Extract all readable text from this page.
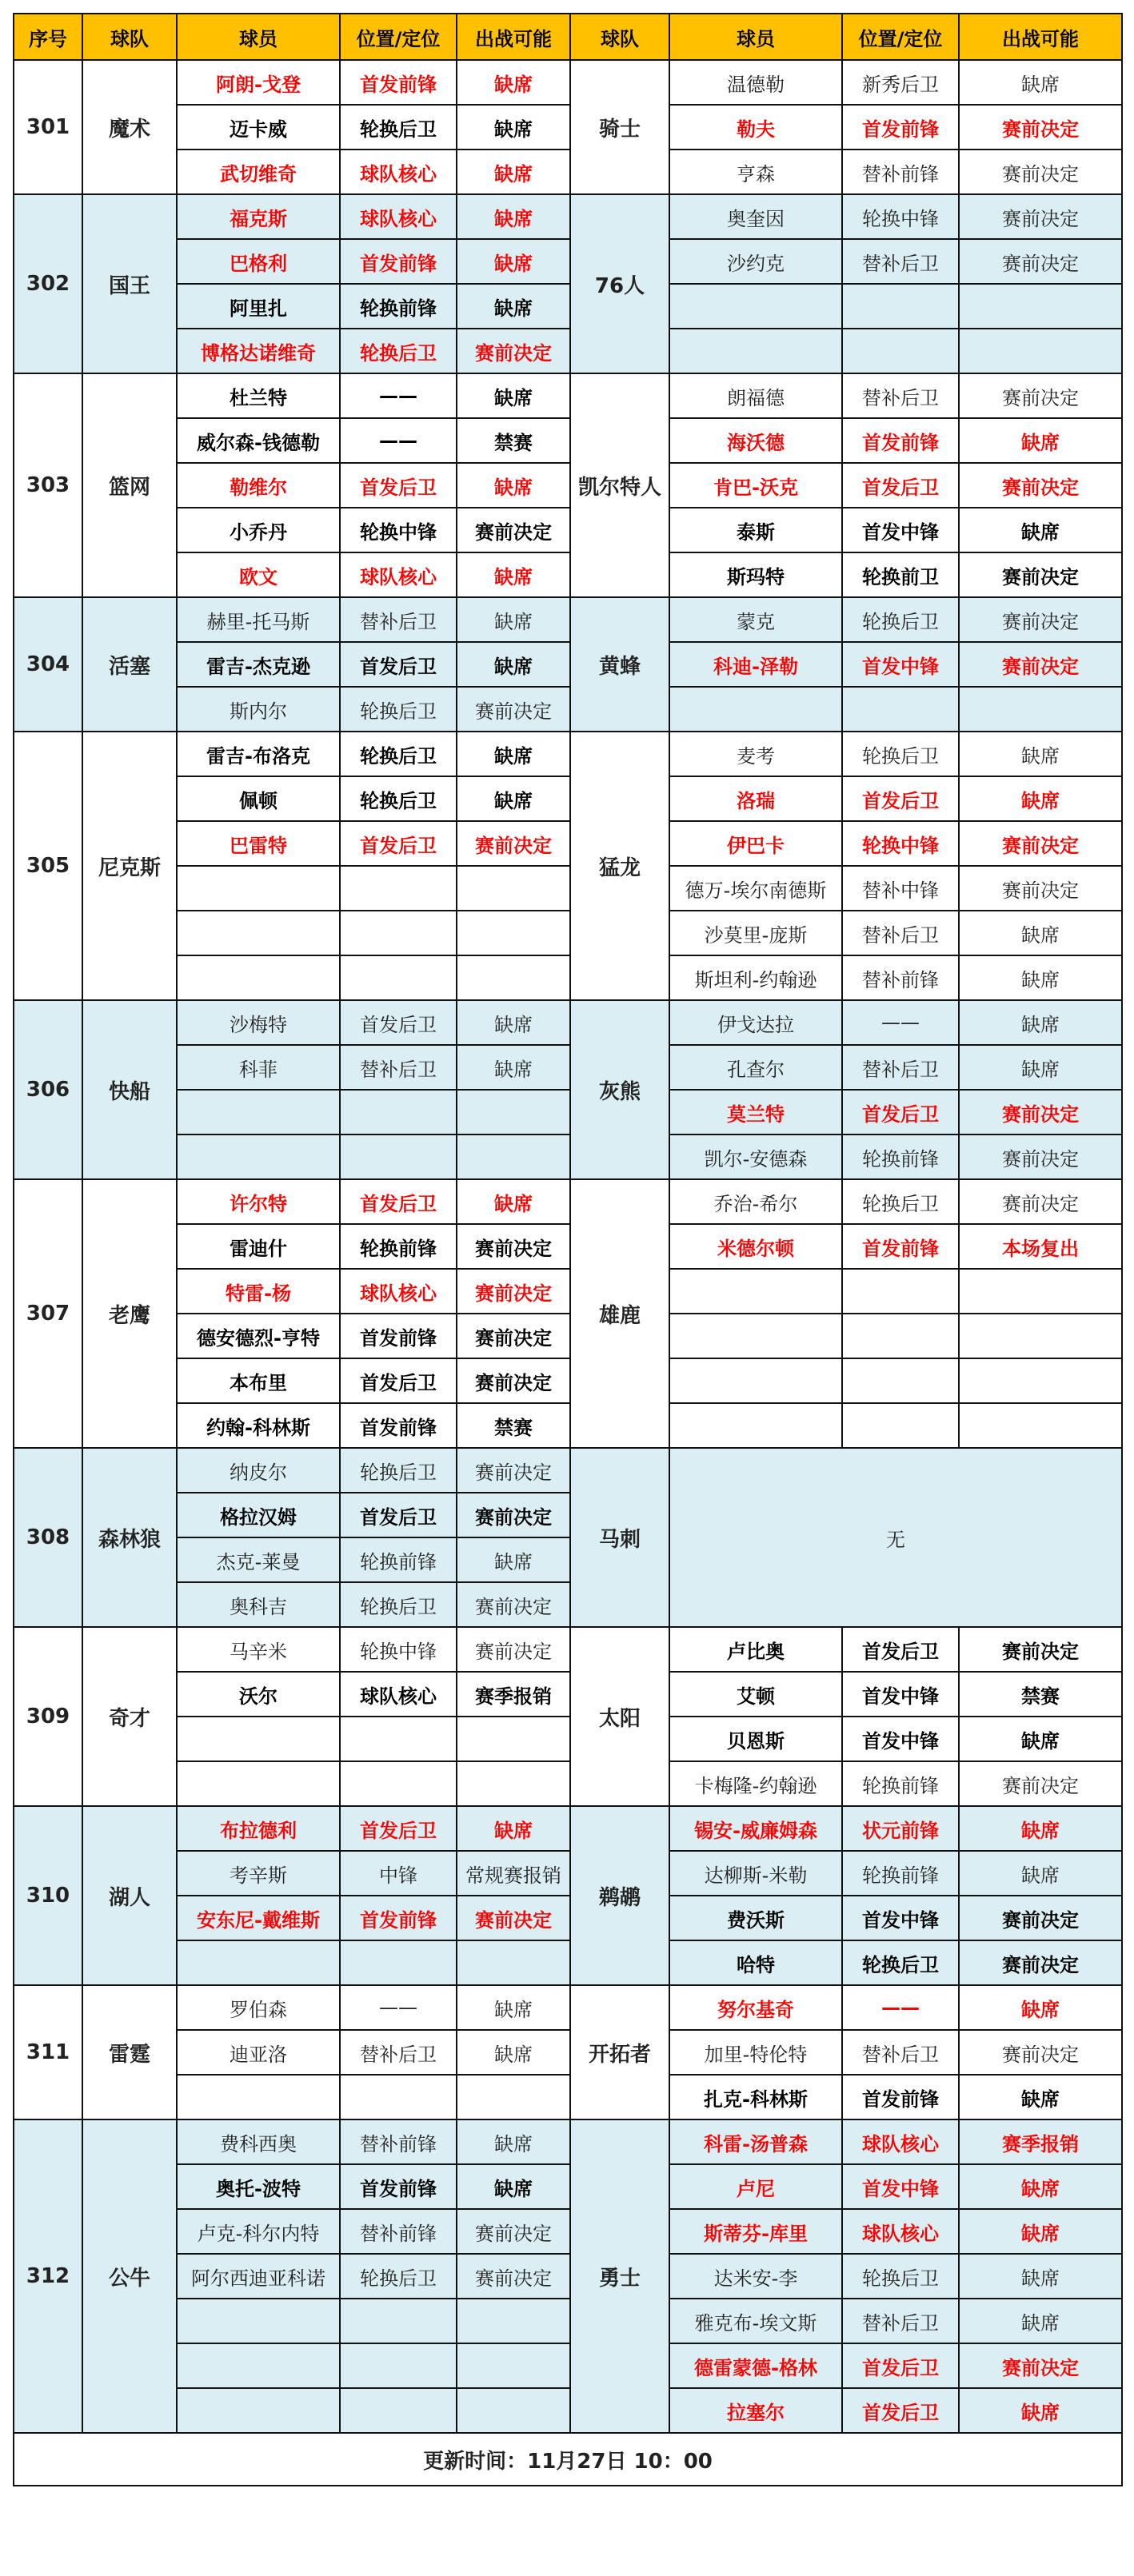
序号	球队	球员	位置/定位	出战可能	球队	球员	位置/定位	出战可能
301	魔术	阿朗-戈登	首发前锋	缺席	骑士	温德勒	新秀后卫	缺席
		迈卡威	轮换后卫	缺席		勒夫	首发前锋	赛前决定
		武切维奇	球队核心	缺席		亨森	替补前锋	赛前决定
302	国王	福克斯	球队核心	缺席	76人	奥奎因	轮换中锋	赛前决定
		巴格利	首发前锋	缺席		沙约克	替补后卫	赛前决定
		阿里扎	轮换前锋	缺席				
		博格达诺维奇	轮换后卫	赛前决定				
303	篮网	杜兰特	——	缺席	凯尔特人	朗福德	替补后卫	赛前决定
		威尔森-钱德勒	——	禁赛		海沃德	首发前锋	缺席
		勒维尔	首发后卫	缺席		肯巴-沃克	首发后卫	赛前决定
		小乔丹	轮换中锋	赛前决定		泰斯	首发中锋	缺席
		欧文	球队核心	缺席		斯玛特	轮换前卫	赛前决定
304	活塞	赫里-托马斯	替补后卫	缺席	黄蜂	蒙克	轮换后卫	赛前决定
		雷吉-杰克逊	首发后卫	缺席		科迪-泽勒	首发中锋	赛前决定
		斯内尔	轮换后卫	赛前决定				
305	尼克斯	雷吉-布洛克	轮换后卫	缺席	猛龙	麦考	轮换后卫	缺席
		佩顿	轮换后卫	缺席		洛瑞	首发后卫	缺席
		巴雷特	首发后卫	赛前决定		伊巴卡	轮换中锋	赛前决定
						德万-埃尔南德斯	替补中锋	赛前决定
						沙莫里-庞斯	替补后卫	缺席
						斯坦利-约翰逊	替补前锋	缺席
306	快船	沙梅特	首发后卫	缺席	灰熊	伊戈达拉	——	缺席
		科菲	替补后卫	缺席		孔查尔	替补后卫	缺席
						莫兰特	首发后卫	赛前决定
						凯尔-安德森	轮换前锋	赛前决定
307	老鹰	许尔特	首发后卫	缺席	雄鹿	乔治-希尔	轮换后卫	赛前决定
		雷迪什	轮换前锋	赛前决定		米德尔顿	首发前锋	本场复出
		特雷-杨	球队核心	赛前决定				
		德安德烈-亨特	首发前锋	赛前决定				
		本布里	首发后卫	赛前决定				
		约翰-科林斯	首发前锋	禁赛				
308	森林狼	纳皮尔	轮换后卫	赛前决定	马刺	无		
		格拉汉姆	首发后卫	赛前决定				
		杰克-莱曼	轮换前锋	缺席				
		奥科吉	轮换后卫	赛前决定				
309	奇才	马辛米	轮换中锋	赛前决定	太阳	卢比奥	首发后卫	赛前决定
		沃尔	球队核心	赛季报销		艾顿	首发中锋	禁赛
						贝恩斯	首发中锋	缺席
						卡梅隆-约翰逊	轮换前锋	赛前决定
310	湖人	布拉德利	首发后卫	缺席	鹈鹕	锡安-威廉姆森	状元前锋	缺席
		考辛斯	中锋	常规赛报销		达柳斯-米勒	轮换前锋	缺席
		安东尼-戴维斯	首发前锋	赛前决定		费沃斯	首发中锋	赛前决定
						哈特	轮换后卫	赛前决定
311	雷霆	罗伯森	——	缺席	开拓者	努尔基奇	——	缺席
		迪亚洛	替补后卫	缺席		加里-特伦特	替补后卫	赛前决定
						扎克-科林斯	首发前锋	缺席
312	公牛	费科西奥	替补前锋	缺席	勇士	科雷-汤普森	球队核心	赛季报销
		奥托-波特	首发前锋	缺席		卢尼	首发中锋	缺席
		卢克-科尔内特	替补前锋	赛前决定		斯蒂芬-库里	球队核心	缺席
		阿尔西迪亚科诺	轮换后卫	赛前决定		达米安-李	轮换后卫	缺席
						雅克布-埃文斯	替补后卫	缺席
						德雷蒙德-格林	首发后卫	赛前决定
						拉塞尔	首发后卫	缺席
更新时间：11月27日 10：00								
